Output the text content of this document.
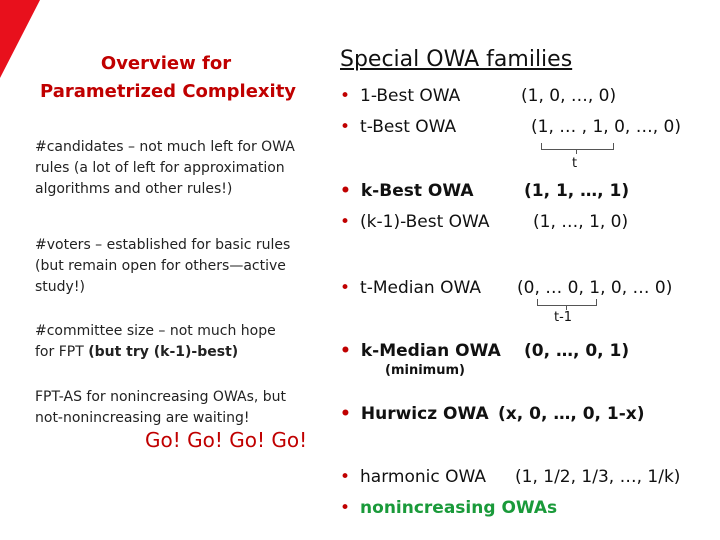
Overview for
Parametrized Complexity
#candidates – not much left for OWA
rules (a lot of left for approximation
algorithms and other rules!)
#voters – established for basic rules
(but remain open for others—active
study!)
#committee size – not much hope
for FPT (but try (k-1)-best)
FPT-AS for nonincreasing OWAs, but
not-nonincreasing are waiting!
Go! Go! Go! Go!
Special OWA families
• 1-Best OWA	(1, 0, …, 0)
• t-Best OWA	(1, … , 1, 0, …, 0)
t
• k-Best OWA	(1, 1, …, 1)
• (k-1)-Best OWA	(1, …, 1, 0)
• t-Median OWA (0, … 0, 1, 0, … 0)
t-1
• k-Median OWA (0, …, 0, 1)
(minimum)
• Hurwicz OWA (x, 0, …, 0, 1-x)
• harmonic OWA (1, 1/2, 1/3, …, 1/k)
• nonincreasing OWAs
